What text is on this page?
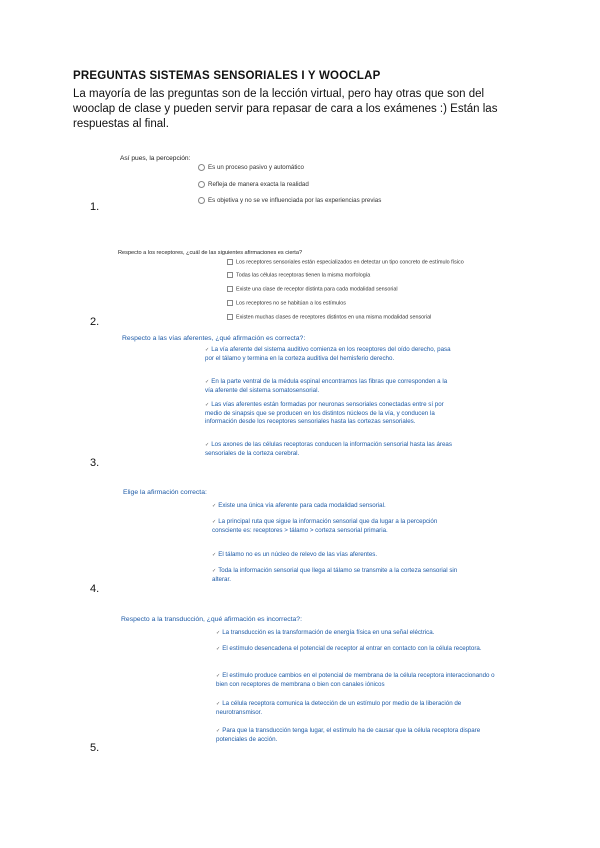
PREGUNTAS SISTEMAS SENSORIALES I Y WOOCLAP

La mayoría de las preguntas son de la lección virtual, pero hay otras que son del wooclap de clase y pueden servir para repasar de cara a los exámenes :) Están las respuestas al final.

1.
Así pues, la percepción:
Es un proceso pasivo y automático
Refleja de manera exacta la realidad
Es objetiva y no se ve influenciada por las experiencias previas
2.
Respecto a los receptores, ¿cuál de las siguientes afirmaciones es cierta?
Los receptores sensoriales están especializados en detectar un tipo concreto de estímulo físico
Todas las células receptoras tienen la misma morfología
Existe una clase de receptor distinta para cada modalidad sensorial
Los receptores no se habitúan a los estímulos
Existen muchas clases de receptores distintos en una misma modalidad sensorial
3.
Respecto a las vías aferentes, ¿qué afirmación es correcta?:
✓ La vía aferente del sistema auditivo comienza en los receptores del oído derecho, pasa por el tálamo y termina en la corteza auditiva del hemisferio derecho.
✓ En la parte ventral de la médula espinal encontramos las fibras que corresponden a la vía aferente del sistema somatosensorial.
✓ Las vías aferentes están formadas por neuronas sensoriales conectadas entre sí por medio de sinapsis que se producen en los distintos núcleos de la vía, y conducen la información desde los receptores sensoriales hasta las cortezas sensoriales.
✓ Los axones de las células receptoras conducen la información sensorial hasta las áreas sensoriales de la corteza cerebral.
4.
Elige la afirmación correcta:
✓ Existe una única vía aferente para cada modalidad sensorial.
✓ La principal ruta que sigue la información sensorial que da lugar a la percepción consciente es: receptores > tálamo > corteza sensorial primaria.
✓ El tálamo no es un núcleo de relevo de las vías aferentes.
✓ Toda la información sensorial que llega al tálamo se transmite a la corteza sensorial sin alterar.
5.
Respecto a la transducción, ¿qué afirmación es incorrecta?:
✓ La transducción es la transformación de energía física en una señal eléctrica.
✓ El estímulo desencadena el potencial de receptor al entrar en contacto con la célula receptora.
✓ El estímulo produce cambios en el potencial de membrana de la célula receptora interaccionando o bien con receptores de membrana o bien con canales iónicos
✓ La célula receptora comunica la detección de un estímulo por medio de la liberación de neurotransmisor.
✓ Para que la transducción tenga lugar, el estímulo ha de causar que la célula receptora dispare potenciales de acción.
